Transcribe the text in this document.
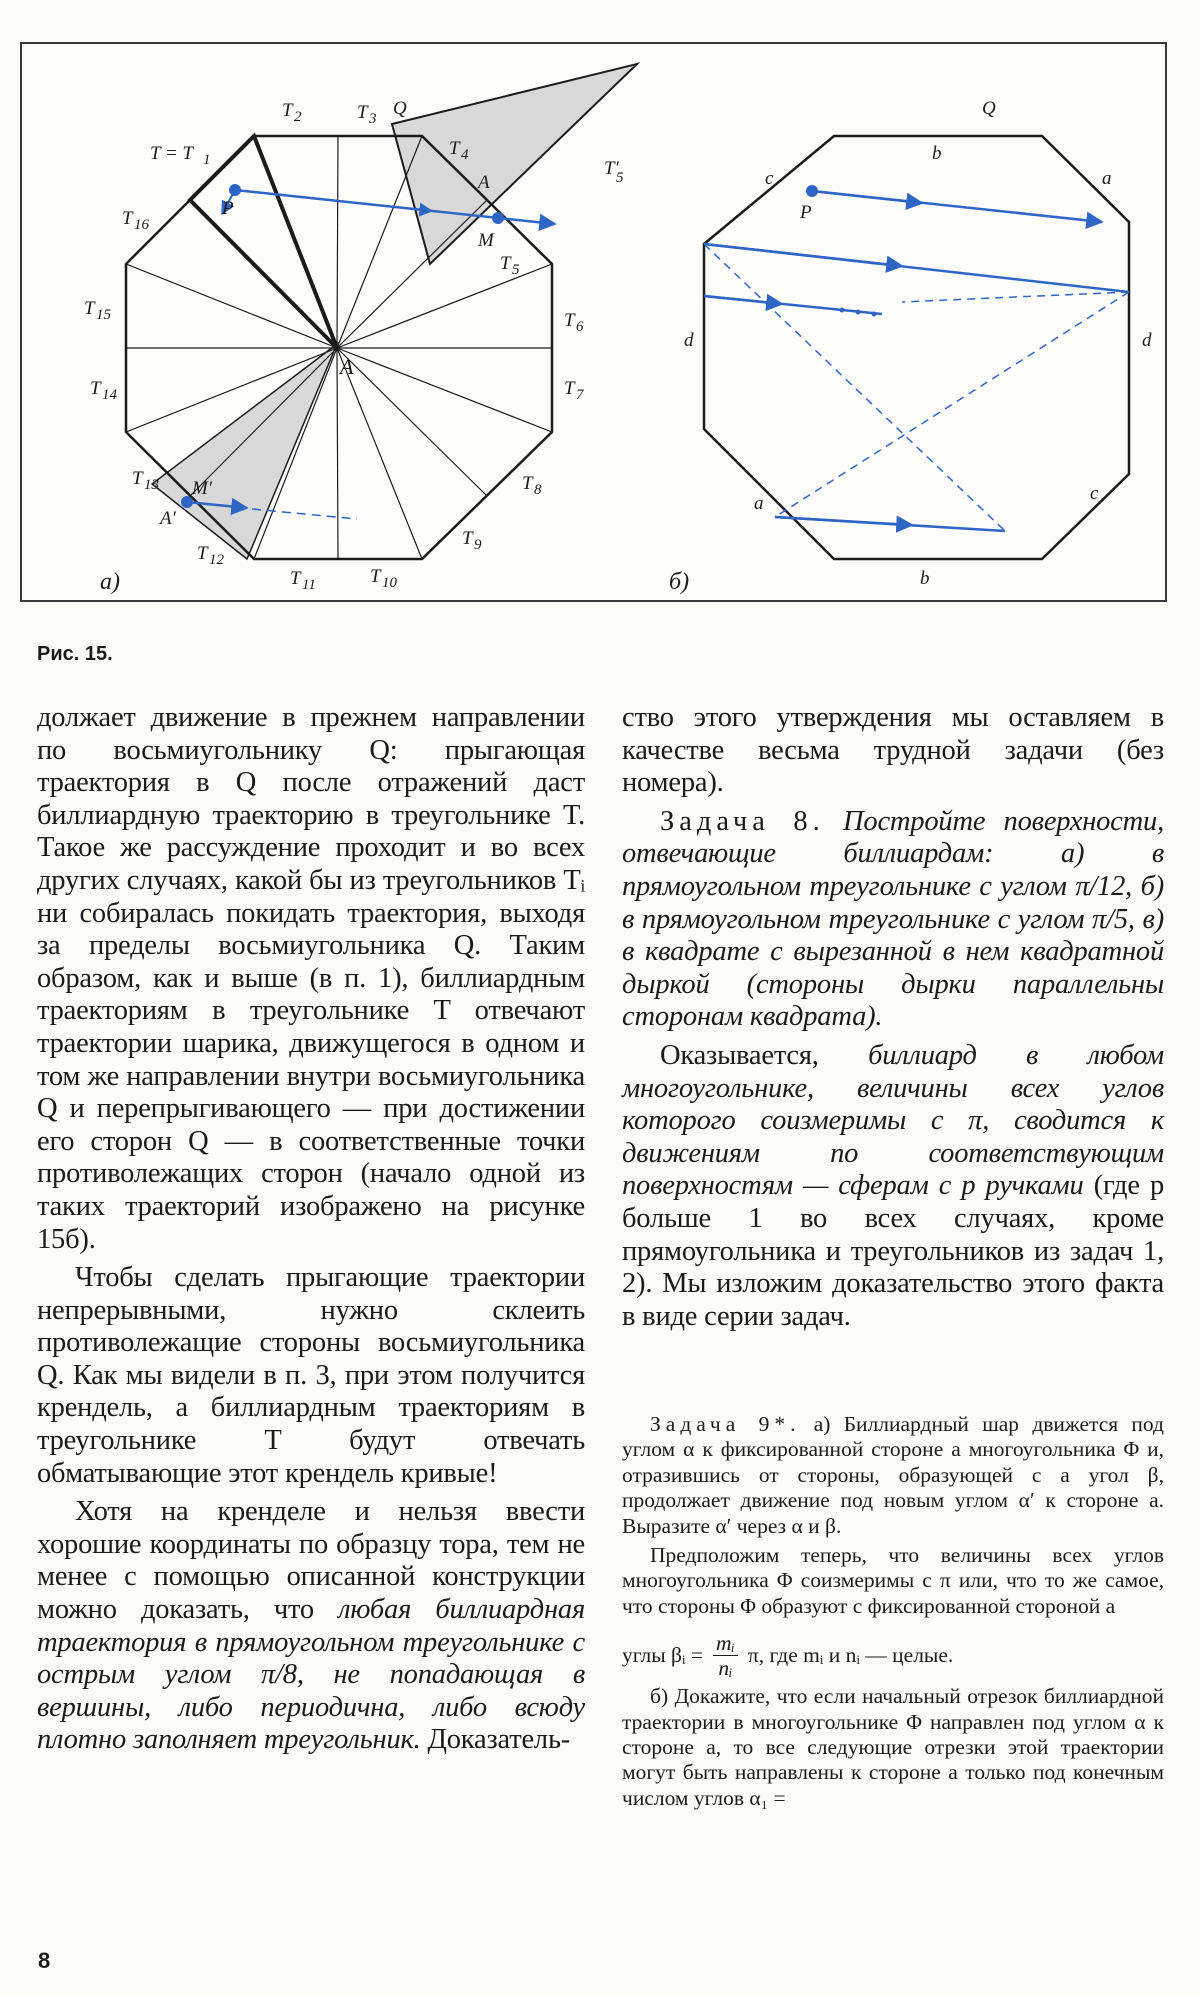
Q
T = T 1
T 2	T 3
T 4
A
M
T 5
T′
5
P
T 16
T 15
T 14
T 13
A′
M′
T 12
T 11	T 10
T 9
T 8
T 7
T 6
A
а)
Q
b
a
c
P
d	d
a	c
b
б)
Рис. 15.

должает движение в прежнем направлении по восьмиугольнику Q: прыгающая траектория в Q после отражений даст биллиардную траекторию в треугольнике T. Такое же рассуждение проходит и во всех других случаях, какой бы из треугольников Tᵢ ни собиралась покидать траектория, выходя за пределы восьмиугольника Q. Таким образом, как и выше (в п. 1), биллиардным траекториям в треугольнике T отвечают траектории шарика, движущегося в одном и том же направлении внутри восьмиугольника Q и перепрыгивающего — при достижении его сторон Q — в соответственные точки противолежащих сторон (начало одной из таких траекторий изображено на рисунке 15б).

Чтобы сделать прыгающие траектории непрерывными, нужно склеить противолежащие стороны восьмиугольника Q. Как мы видели в п. 3, при этом получится крендель, а биллиардным траекториям в треугольнике T будут отвечать обматывающие этот крендель кривые!

Хотя на кренделе и нельзя ввести хорошие координаты по образцу тора, тем не менее с помощью описанной конструкции можно доказать, что любая биллиардная траектория в прямоугольном треугольнике с острым углом π/8, не попадающая в вершины, либо периодична, либо всюду плотно заполняет треугольник. Доказатель-

ство этого утверждения мы оставляем в качестве весьма трудной задачи (без номера).

Задача 8. Постройте поверхности, отвечающие биллиардам: а) в прямоугольном треугольнике с углом π/12, б) в прямоугольном треугольнике с углом π/5, в) в квадрате с вырезанной в нем квадратной дыркой (стороны дырки параллельны сторонам квадрата).

Оказывается, биллиард в любом многоугольнике, величины всех углов которого соизмеримы с π, сводится к движениям по соответствующим поверхностям — сферам с p ручками (где p больше 1 во всех случаях, кроме прямоугольника и треугольников из задач 1, 2). Мы изложим доказательство этого факта в виде серии задач.

Задача 9*. а) Биллиардный шар движется под углом α к фиксированной стороне a многоугольника Φ и, отразившись от стороны, образующей с a угол β, продолжает движение под новым углом α′ к стороне a. Выразите α′ через α и β.

Предположим теперь, что величины всех углов многоугольника Φ соизмеримы с π или, что то же самое, что стороны Φ образуют с фиксированной стороной a

углы βᵢ = $\frac{\text{mᵢ}}{\text{nᵢ}} \pi$, где mᵢ и nᵢ — целые.

б) Докажите, что если начальный отрезок биллиардной траектории в многоугольнике Φ направлен под углом α к стороне a, то все следующие отрезки этой траектории могут быть направлены к стороне a только под конечным числом углов α₁ =

8
